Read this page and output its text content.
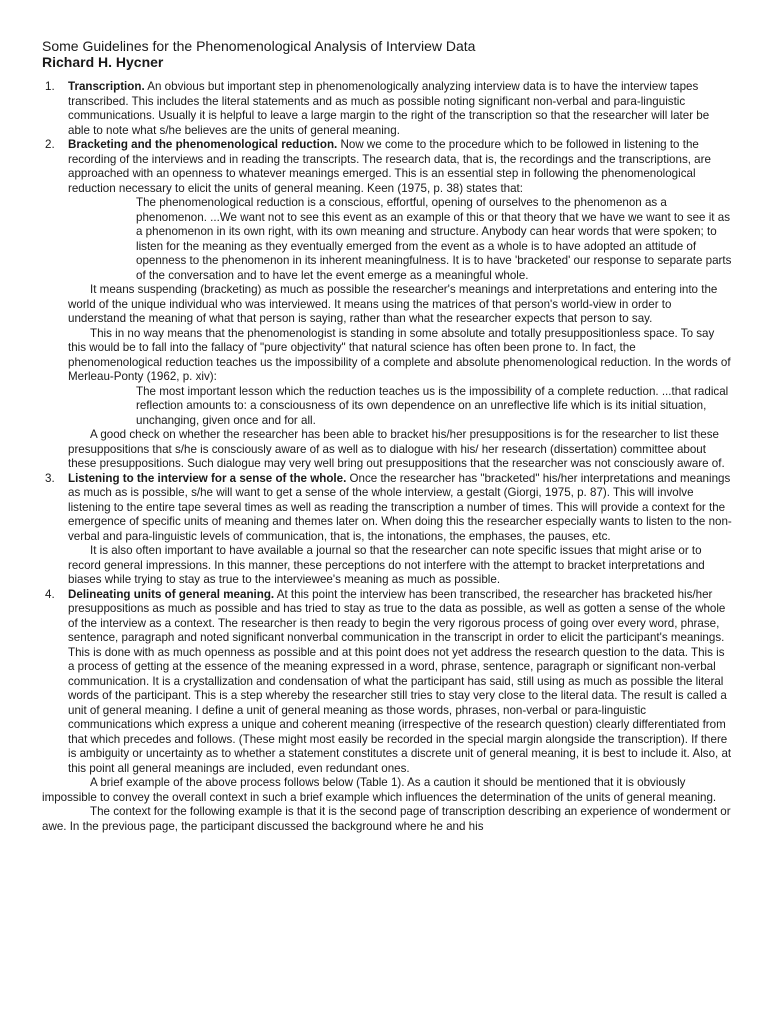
Some Guidelines for the Phenomenological Analysis of Interview Data
Richard H. Hycner
1. Transcription. An obvious but important step in phenomenologically analyzing interview data is to have the interview tapes transcribed. This includes the literal statements and as much as possible noting significant non-verbal and para-linguistic communications. Usually it is helpful to leave a large margin to the right of the transcription so that the researcher will later be able to note what s/he believes are the units of general meaning.

2. Bracketing and the phenomenological reduction. Now we come to the procedure which to be followed in listening to the recording of the interviews and in reading the transcripts. The research data, that is, the recordings and the transcriptions, are approached with an openness to whatever meanings emerged. This is an essential step in following the phenomenological reduction necessary to elicit the units of general meaning. Keen (1975, p. 38) states that:

The phenomenological reduction is a conscious, effortful, opening of ourselves to the phenomenon as a phenomenon. ...We want not to see this event as an example of this or that theory that we have we want to see it as a phenomenon in its own right, with its own meaning and structure. Anybody can hear words that were spoken; to listen for the meaning as they eventually emerged from the event as a whole is to have adopted an attitude of openness to the phenomenon in its inherent meaningfulness. It is to have 'bracketed' our response to separate parts of the conversation and to have let the event emerge as a meaningful whole.

It means suspending (bracketing) as much as possible the researcher's meanings and interpretations and entering into the world of the unique individual who was interviewed. It means using the matrices of that person's world-view in order to understand the meaning of what that person is saying, rather than what the researcher expects that person to say.

This in no way means that the phenomenologist is standing in some absolute and totally presuppositionless space. To say this would be to fall into the fallacy of "pure objectivity" that natural science has often been prone to. In fact, the phenomenological reduction teaches us the impossibility of a complete and absolute phenomenological reduction. In the words of Merleau-Ponty (1962, p. xiv):

The most important lesson which the reduction teaches us is the impossibility of a complete reduction. ...that radical reflection amounts to: a consciousness of its own dependence on an unreflective life which is its initial situation, unchanging, given once and for all.

A good check on whether the researcher has been able to bracket his/her presuppositions is for the researcher to list these presuppositions that s/he is consciously aware of as well as to dialogue with his/ her research (dissertation) committee about these presuppositions. Such dialogue may very well bring out presuppositions that the researcher was not consciously aware of.

3. Listening to the interview for a sense of the whole. Once the researcher has "bracketed" his/her interpretations and meanings as much as is possible, s/he will want to get a sense of the whole interview, a gestalt (Giorgi, 1975, p. 87). This will involve listening to the entire tape several times as well as reading the transcription a number of times. This will provide a context for the emergence of specific units of meaning and themes later on. When doing this the researcher especially wants to listen to the non-verbal and para-linguistic levels of communication, that is, the intonations, the emphases, the pauses, etc.

It is also often important to have available a journal so that the researcher can note specific issues that might arise or to record general impressions. In this manner, these perceptions do not interfere with the attempt to bracket interpretations and biases while trying to stay as true to the interviewee's meaning as much as possible.

4. Delineating units of general meaning. At this point the interview has been transcribed, the researcher has bracketed his/her presuppositions as much as possible and has tried to stay as true to the data as possible, as well as gotten a sense of the whole of the interview as a context. The researcher is then ready to begin the very rigorous process of going over every word, phrase, sentence, paragraph and noted significant nonverbal communication in the transcript in order to elicit the participant's meanings. This is done with as much openness as possible and at this point does not yet address the research question to the data. This is a process of getting at the essence of the meaning expressed in a word, phrase, sentence, paragraph or significant non-verbal communication. It is a crystallization and condensation of what the participant has said, still using as much as possible the literal words of the participant. This is a step whereby the researcher still tries to stay very close to the literal data. The result is called a unit of general meaning. I define a unit of general meaning as those words, phrases, non-verbal or para-linguistic communications which express a unique and coherent meaning (irrespective of the research question) clearly differentiated from that which precedes and follows. (These might most easily be recorded in the special margin alongside the transcription). If there is ambiguity or uncertainty as to whether a statement constitutes a discrete unit of general meaning, it is best to include it. Also, at this point all general meanings are included, even redundant ones.

A brief example of the above process follows below (Table 1). As a caution it should be mentioned that it is obviously impossible to convey the overall context in such a brief example which influences the determination of the units of general meaning.

The context for the following example is that it is the second page of transcription describing an experience of wonderment or awe. In the previous page, the participant discussed the background where he and his
